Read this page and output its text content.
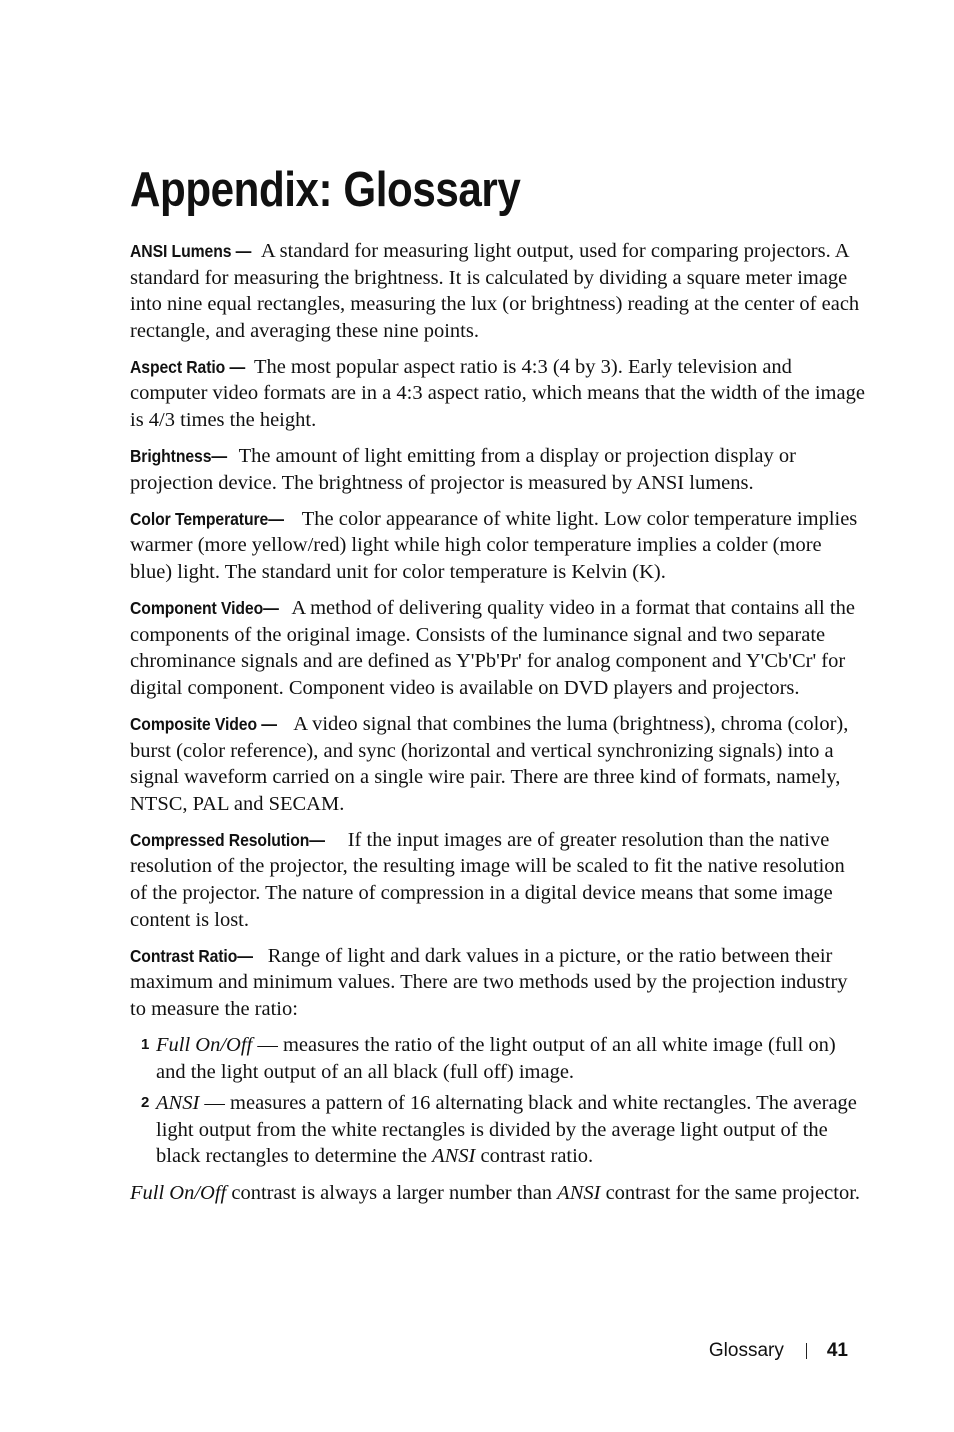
Appendix: Glossary

ANSI Lumens — A standard for measuring light output, used for comparing projectors. A standard for measuring the brightness. It is calculated by dividing a square meter image into nine equal rectangles, measuring the lux (or brightness) reading at the center of each rectangle, and averaging these nine points.

Aspect Ratio — The most popular aspect ratio is 4:3 (4 by 3). Early television and computer video formats are in a 4:3 aspect ratio, which means that the width of the image is 4/3 times the height.

Brightness— The amount of light emitting from a display or projection display or projection device. The brightness of projector is measured by ANSI lumens.

Color Temperature— The color appearance of white light. Low color temperature implies warmer (more yellow/red) light while high color temperature implies a colder (more blue) light. The standard unit for color temperature is Kelvin (K).

Component Video— A method of delivering quality video in a format that contains all the components of the original image. Consists of the luminance signal and two separate chrominance signals and are defined as Y'Pb'Pr' for analog component and Y'Cb'Cr' for digital component. Component video is available on DVD players and projectors.

Composite Video — A video signal that combines the luma (brightness), chroma (color), burst (color reference), and sync (horizontal and vertical synchronizing signals) into a signal waveform carried on a single wire pair. There are three kind of formats, namely, NTSC, PAL and SECAM.

Compressed Resolution— If the input images are of greater resolution than the native resolution of the projector, the resulting image will be scaled to fit the native resolution of the projector. The nature of compression in a digital device means that some image content is lost.

Contrast Ratio— Range of light and dark values in a picture, or the ratio between their maximum and minimum values. There are two methods used by the projection industry to measure the ratio:

1 Full On/Off — measures the ratio of the light output of an all white image (full on) and the light output of an all black (full off) image.
2 ANSI — measures a pattern of 16 alternating black and white rectangles. The average light output from the white rectangles is divided by the average light output of the black rectangles to determine the ANSI contrast ratio.

Full On/Off contrast is always a larger number than ANSI contrast for the same projector.

Glossary 41
